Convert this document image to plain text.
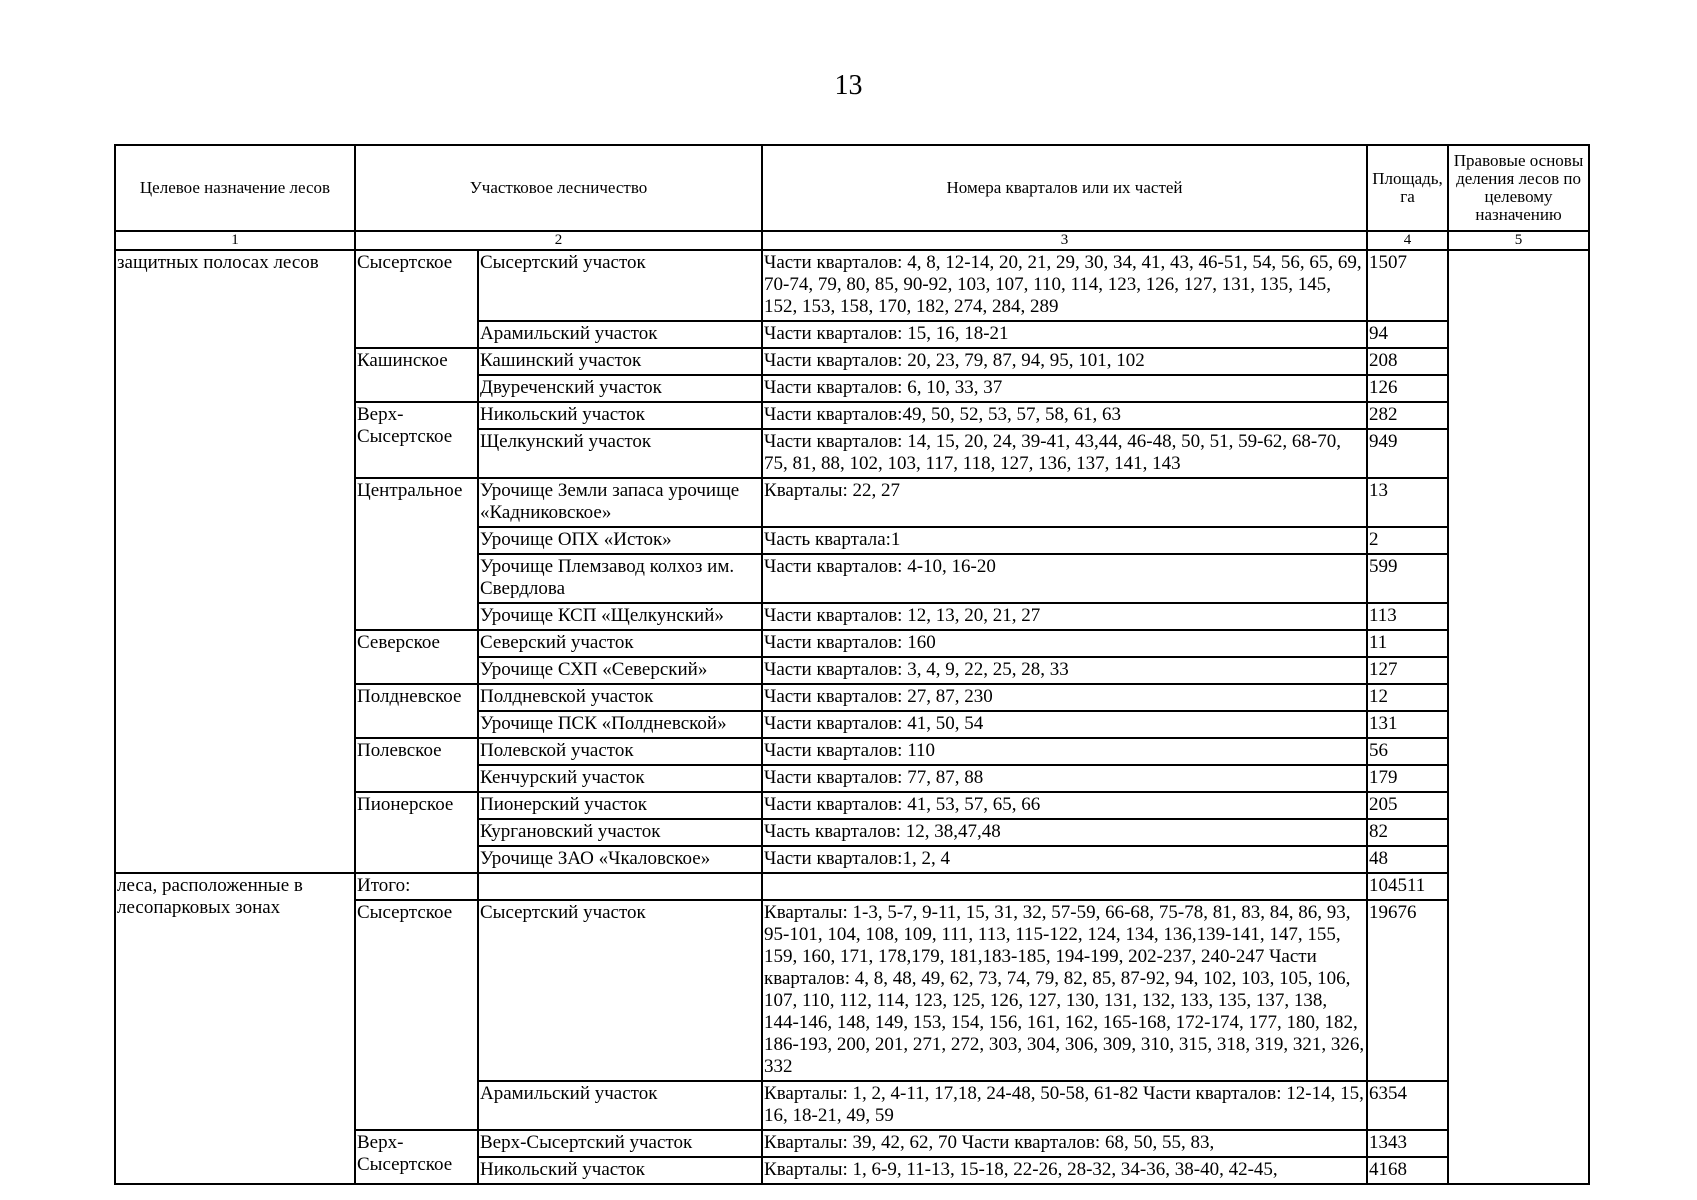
13
Целевое назначение лесов	Участковое лесничество		Номера кварталов или их частей	Площадь, га	Правовые основы деления лесов по целевому назначению
1	2		3	4	5
защитных полосах лесов	Сысертское	Сысертский участок	Части кварталов: 4, 8, 12-14, 20, 21, 29, 30, 34, 41, 43, 46-51, 54, 56, 65, 69, 70-74, 79, 80, 85, 90-92, 103, 107, 110, 114, 123, 126, 127, 131, 135, 145, 152, 153, 158, 170, 182, 274, 284, 289	1507	
		Арамильский участок	Части кварталов: 15, 16, 18-21	94	
	Кашинское	Кашинский участок	Части кварталов: 20, 23, 79, 87, 94, 95, 101, 102	208	
		Двуреченский участок	Части кварталов: 6, 10, 33, 37	126	
	Верх-Сысертское	Никольский участок	Части кварталов:49, 50, 52, 53, 57, 58, 61, 63	282	
		Щелкунский участок	Части кварталов: 14, 15, 20, 24, 39-41, 43,44, 46-48, 50, 51, 59-62, 68-70, 75, 81, 88, 102, 103, 117, 118, 127, 136, 137, 141, 143	949	
	Центральное	Урочище Земли запаса урочище «Кадниковское»	Кварталы: 22, 27	13	
		Урочище ОПХ «Исток»	Часть квартала:1	2	
		Урочище Племзавод колхоз им. Свердлова	Части кварталов: 4-10, 16-20	599	
		Урочище КСП «Щелкунский»	Части кварталов: 12, 13, 20, 21, 27	113	
	Северское	Северский участок	Части кварталов: 160	11	
		Урочище СХП «Северский»	Части кварталов: 3, 4, 9, 22, 25, 28, 33	127	
	Полдневское	Полдневской участок	Части кварталов: 27, 87, 230	12	
		Урочище ПСК «Полдневской»	Части кварталов: 41, 50, 54	131	
	Полевское	Полевской участок	Части кварталов: 110	56	
		Кенчурский участок	Части кварталов: 77, 87, 88	179	
	Пионерское	Пионерский участок	Части кварталов: 41, 53, 57, 65, 66	205	
		Кургановский участок	Часть кварталов: 12, 38,47,48	82	
		Урочище ЗАО «Чкаловское»	Части кварталов:1, 2, 4	48	
леса, расположенные в лесопарковых зонах	Итого:			104511	
	Сысертское	Сысертский участок	Кварталы: 1-3, 5-7, 9-11, 15, 31, 32, 57-59, 66-68, 75-78, 81, 83, 84, 86, 93, 95-101, 104, 108, 109, 111, 113, 115-122, 124, 134, 136,139-141, 147, 155, 159, 160, 171, 178,179, 181,183-185, 194-199, 202-237, 240-247 Части кварталов: 4, 8, 48, 49, 62, 73, 74, 79, 82, 85, 87-92, 94, 102, 103, 105, 106, 107, 110, 112, 114, 123, 125, 126, 127, 130, 131, 132, 133, 135, 137, 138, 144-146, 148, 149, 153, 154, 156, 161, 162, 165-168, 172-174, 177, 180, 182, 186-193, 200, 201, 271, 272, 303, 304, 306, 309, 310, 315, 318, 319, 321, 326, 332	19676	
		Арамильский участок	Кварталы: 1, 2, 4-11, 17,18, 24-48, 50-58, 61-82 Части кварталов: 12-14, 15, 16, 18-21, 49, 59	6354	
	Верх-Сысертское	Верх-Сысертский участок	Кварталы: 39, 42, 62, 70 Части кварталов: 68, 50, 55, 83,	1343	
		Никольский участок	Кварталы: 1, 6-9, 11-13, 15-18, 22-26, 28-32, 34-36, 38-40, 42-45,	4168	
